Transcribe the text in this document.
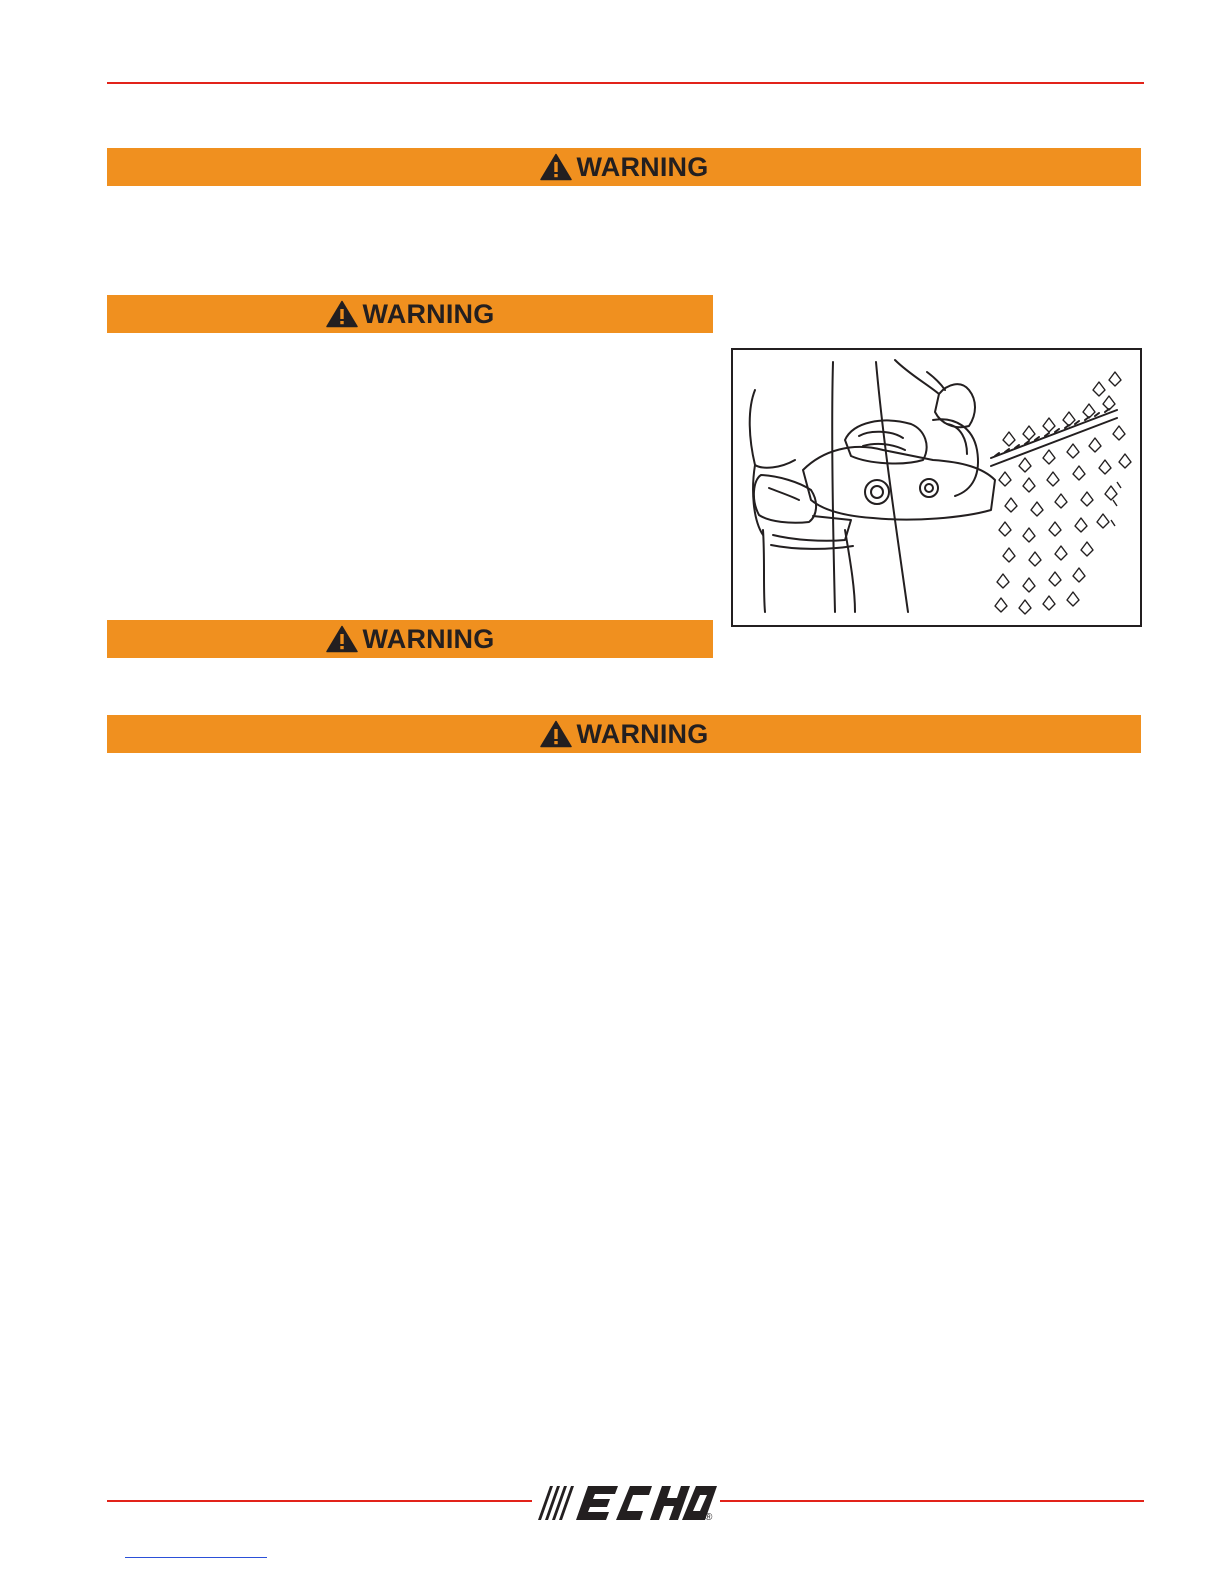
WARNING
WARNING
WARNING
WARNING
®
